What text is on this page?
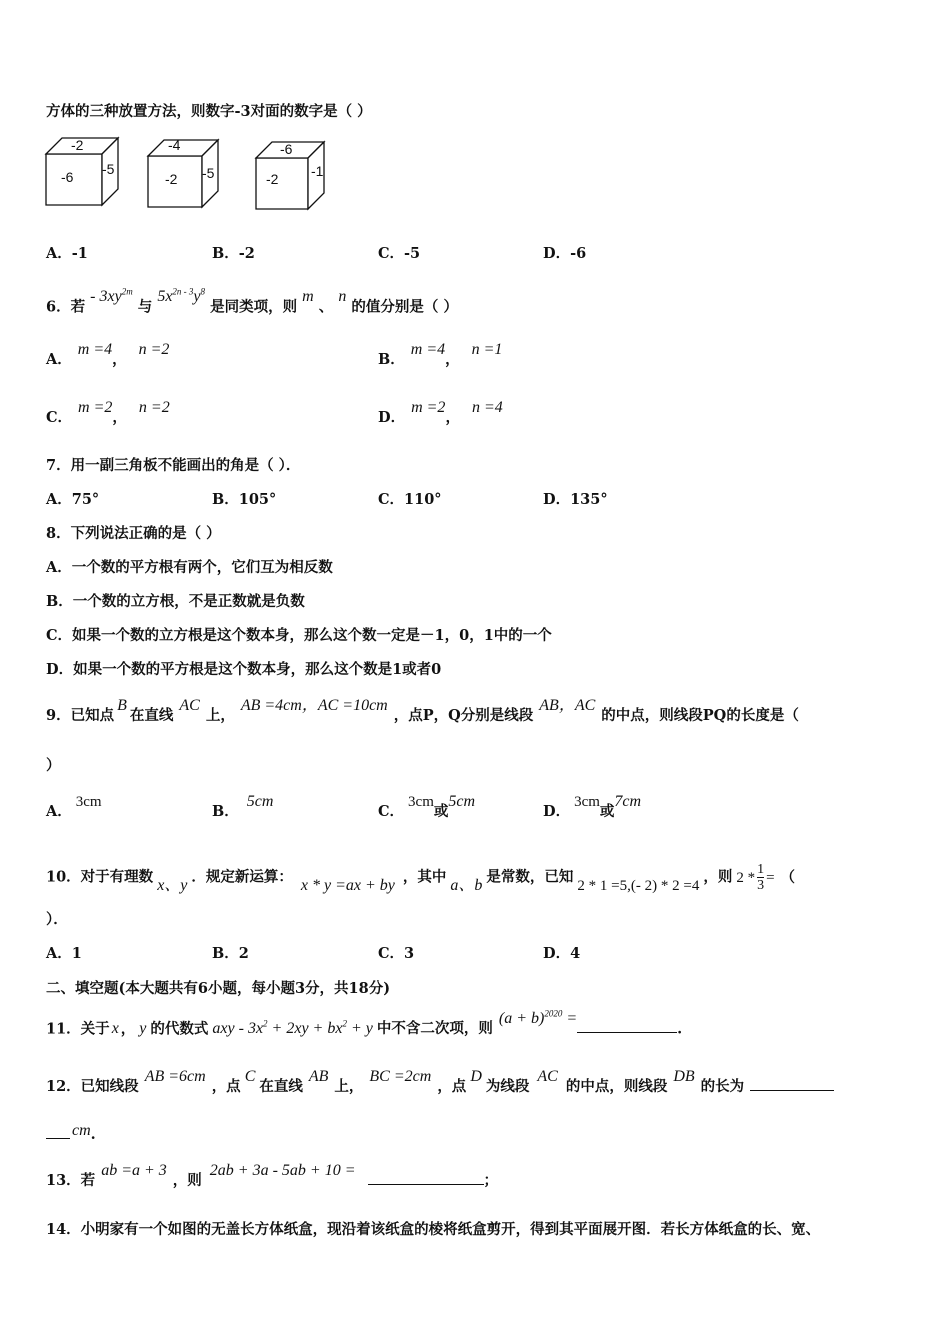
方体的三种放置方法，则数字-3对面的数字是（ ）
-2
-6 -5
-4
-2 -5
-6
-2 -1
A．-1	B．-2	C．-5	D．-6
6．若 - $3xy^{2m}$ 与 $5x^{2n - 3}y^8$ 是同类项，则 m 、 n 的值分别是（ ）
A．m =4，n =2
B．m =4，n =1
C．m =2，n =2
D．m =2，n =4
7．用一副三角板不能画出的角是（ ）．
A．75°	B．105°	C．110°	D．135°
8．下列说法正确的是（ ）
A．一个数的平方根有两个，它们互为相反数
B．一个数的立方根，不是正数就是负数
C．如果一个数的立方根是这个数本身，那么这个数一定是－1，0，1中的一个
D．如果一个数的平方根是这个数本身，那么这个数是1或者0
9．已知点B在直线AC上，AB =4cm，AC =10cm，点P，Q分别是线段AB，AC的中点，则线段PQ的长度是（
）
A．3cm
B．5cm
C．3cm或5cm
D．3cm或7cm
10．对于有理数 x、y ．规定新运算： x * y =ax + by ，其中 a、b 是常数，已知 2 * 1 =5,(- 2) * 2 =4 ，则 $2 * \frac{1}{3}$ = （
）．
A．1	B．2	C．3	D．4
二、填空题(本大题共有6小题，每小题3分，共18分)
11．关于 x ， y 的代数式 axy - $3x^2 + 2xy + bx^2 + y$ 中不含二次项，则$(a + b)^{2020}$ =.
12．已知线段AB =6cm，点C在直线AB上，BC =2cm，点D为线段AC的中点，则线段DB的长为
cm.
13．若ab =a + 3，则2ab + 3a - 5ab + 10 =；
14．小明家有一个如图的无盖长方体纸盒，现沿着该纸盒的棱将纸盒剪开，得到其平面展开图．若长方体纸盒的长、宽、
